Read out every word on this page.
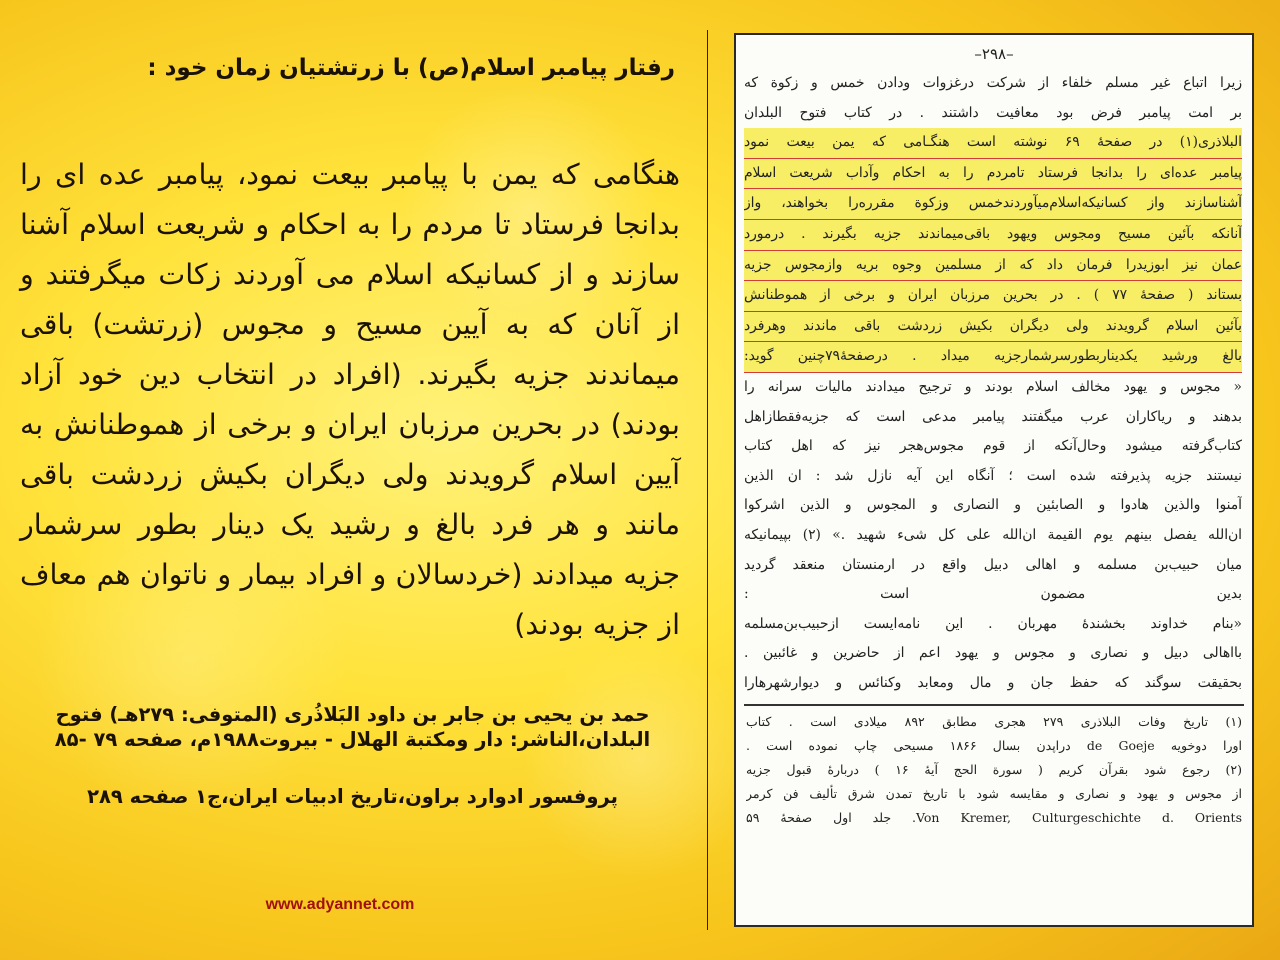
رفتار پیامبر اسلام(ص) با زرتشتیان زمان خود :
هنگامی که یمن با پیامبر بیعت نمود، پیامبر عده ای را بدانجا فرستاد تا مردم را به احکام و شریعت اسلام آشنا سازند و از کسانیکه اسلام می آوردند زکات میگرفتند و از آنان که به آیین مسیح و مجوس (زرتشت) باقی میماندند جزیه بگیرند. (افراد در انتخاب دین خود آزاد بودند) در بحرین مرزبان ایران و برخی از هموطنانش به آیین اسلام گرویدند ولی دیگران بکیش زردشت باقی مانند و هر فرد بالغ و رشید یک دینار بطور سرشمار جزیه میدادند (خردسالان و افراد بیمار و ناتوان هم معاف از جزیه بودند)
حمد بن یحیی بن جابر بن داود البَلاذُری (المتوفی: ۲۷۹هـ) فتوح البلدان،الناشر: دار ومکتبة الهلال - بیروت۱۹۸۸م، صفحه ۷۹ -۸۵
پروفسور ادوارد براون،تاریخ ادبیات ایران،ج۱ صفحه ۲۸۹
www.adyannet.com
–۲۹۸–
زیرا اتباع غیر مسلم خلفاء از شرکت درغزوات ودادن خمس و زکوة که
بر امت پیامبر فرض بود معافیت داشتند . در کتاب فتوح البلدان
البلاذری(۱) در صفحهٔ ۶۹ نوشته است هنگـامی که یمن بیعت نمود
پیامبر عده‌ای را بدانجا فرستاد تامردم را به احکام وآداب شریعت اسلام
آشناسازند واز کسانیکه‌اسلام‌میآوردندخمس وزکوة مقرره‌را بخواهند، واز
آنانکه بآئین مسیح ومجوس ویهود باقی‌میماندند جزیه بگیرند . درمورد
عمان نیز ابوزیدرا فرمان داد که از مسلمین وجوه بریه وازمجوس جزیه
بستاند ( صفحهٔ ۷۷ ) . در بحرین مرزبان ایران و برخی از هموطنانش
بآئین اسلام گرویدند ولی دیگران بکیش زردشت باقی ماندند وهرفرد
بالغ ورشید یکدیناربطورسرشمارجزیه میداد . درصفحهٔ۷۹چنین گوید:
« مجوس و یهود مخالف اسلام بودند و ترجیح میدادند مالیات سرانه را
بدهند و ریاکاران عرب میگفتند پیامبر مدعی است که جزیه‌فقطازاهل
کتاب‌گرفته میشود وحال‌آنکه از قوم مجوس‌هجر نیز که اهل کتاب
نیستند جزیه پذیرفته شده است ؛ آنگاه این آیه نازل شد : ان الذین
آمنوا والذین هادوا و الصابئین و النصاری و المجوس و الذین اشرکوا
ان‌الله یفصل بینهم یوم القیمة ان‌الله علی کل شیء شهید .» (۲) بپیمانیکه
میان حبیب‌بن مسلمه و اهالی دبیل واقع در ارمنستان منعقد گردید
بدین مضمون است :
«بنام خداوند بخشندهٔ مهربان . این نامه‌ایست ازحبیب‌بن‌مسلمه
بااهالی دبیل و نصاری و مجوس و یهود اعم از حاضرین و غائبین .
بحقیقت سوگند که حفظ جان و مال ومعابد وکنائس و دیوارشهرهارا
(۱) تاریخ وفات البلاذری ۲۷۹ هجری مطابق ۸۹۲ میلادی است . کتاب
اورا دوخویه de Goeje دراپدن بسال ۱۸۶۶ مسیحی چاپ نموده است .
(۲) رجوع شود بقرآن کریم ( سورة الحج آیهٔ ۱۶ ) دربارهٔ قبول جزیه
از مجوس و یهود و نصاری و مقایسه شود با تاریخ تمدن شرق تألیف فن کرمر
Von Kremer, Culturgeschichte d. Orients. جلد اول صفحهٔ ۵۹
